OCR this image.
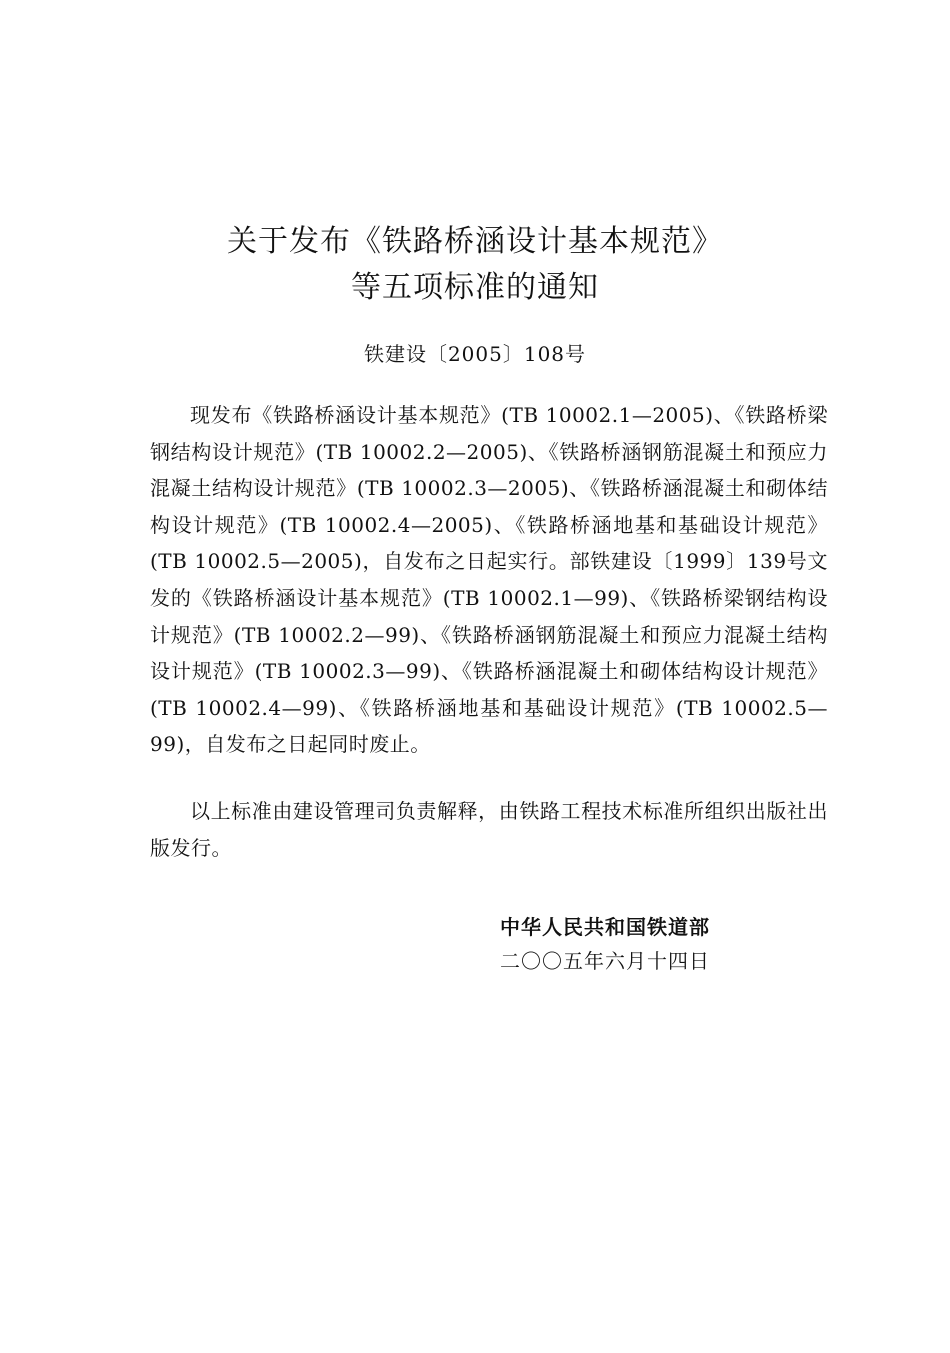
关于发布《铁路桥涵设计基本规范》
等五项标准的通知
铁建设〔2005〕108号

现发布《铁路桥涵设计基本规范》(TB 10002.1—2005)、《铁路桥梁钢结构设计规范》(TB 10002.2—2005)、《铁路桥涵钢筋混凝土和预应力混凝土结构设计规范》(TB 10002.3—2005)、《铁路桥涵混凝土和砌体结构设计规范》(TB 10002.4—2005)、《铁路桥涵地基和基础设计规范》(TB 10002.5—2005)，自发布之日起实行。部铁建设〔1999〕139号文发的《铁路桥涵设计基本规范》(TB 10002.1—99)、《铁路桥梁钢结构设计规范》(TB 10002.2—99)、《铁路桥涵钢筋混凝土和预应力混凝土结构设计规范》(TB 10002.3—99)、《铁路桥涵混凝土和砌体结构设计规范》(TB 10002.4—99)、《铁路桥涵地基和基础设计规范》(TB 10002.5—99)，自发布之日起同时废止。

以上标准由建设管理司负责解释，由铁路工程技术标准所组织出版社出版发行。

中华人民共和国铁道部
二〇〇五年六月十四日
